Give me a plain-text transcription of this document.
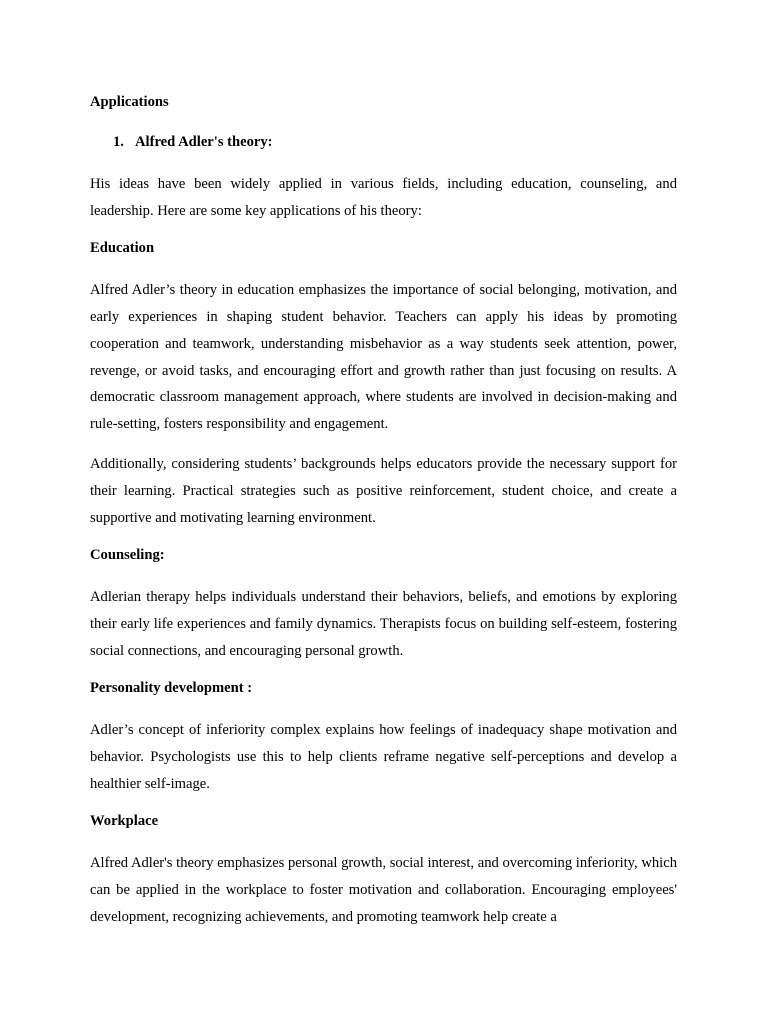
Applications
1. Alfred Adler's theory:

His ideas have been widely applied in various fields, including education, counseling, and leadership. Here are some key applications of his theory:

Education

Alfred Adler’s theory in education emphasizes the importance of social belonging, motivation, and early experiences in shaping student behavior. Teachers can apply his ideas by promoting cooperation and teamwork, understanding misbehavior as a way students seek attention, power, revenge, or avoid tasks, and encouraging effort and growth rather than just focusing on results. A democratic classroom management approach, where students are involved in decision-making and rule-setting, fosters responsibility and engagement.

Additionally, considering students’ backgrounds helps educators provide the necessary support for their learning. Practical strategies such as positive reinforcement, student choice, and create a supportive and motivating learning environment.

Counseling:

Adlerian therapy helps individuals understand their behaviors, beliefs, and emotions by exploring their early life experiences and family dynamics. Therapists focus on building self-esteem, fostering social connections, and encouraging personal growth.

Personality development :

Adler’s concept of inferiority complex explains how feelings of inadequacy shape motivation and behavior. Psychologists use this to help clients reframe negative self-perceptions and develop a healthier self-image.

Workplace

Alfred Adler's theory emphasizes personal growth, social interest, and overcoming inferiority, which can be applied in the workplace to foster motivation and collaboration. Encouraging employees' development, recognizing achievements, and promoting teamwork help create a
